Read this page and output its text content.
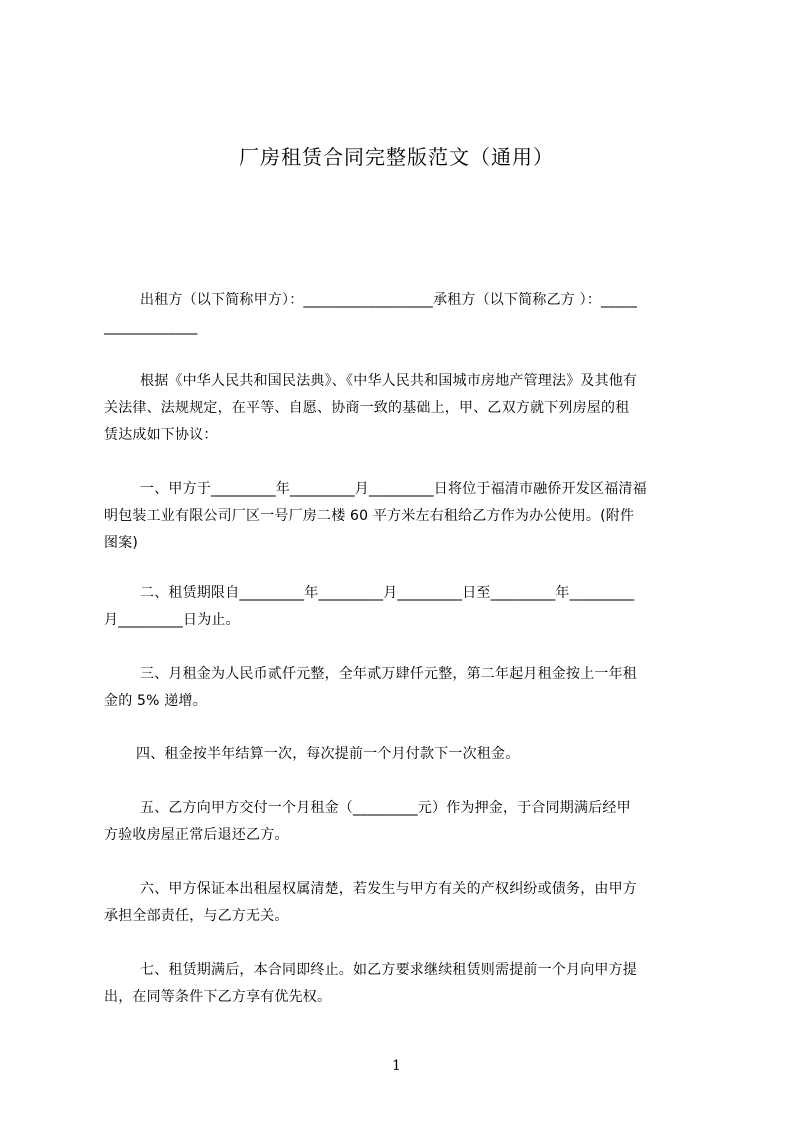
厂房租赁合同完整版范文（通用）
出租方（以下简称甲方）：__________________承租方（以下简称乙方 ）：_____
_____________
根据《中华人民共和国民法典》、《中华人民共和国城市房地产管理法》及其他有
关法律、法规规定，在平等、自愿、协商一致的基础上，甲、乙双方就下列房屋的租
赁达成如下协议：
一、甲方于_________年_________月_________日将位于福清市融侨开发区福清福
明包装工业有限公司厂区一号厂房二楼 60 平方米左右租给乙方作为办公使用。(附件
图案)
二、租赁期限自_________年_________月_________日至_________年_________
月_________日为止。
三、月租金为人民币贰仟元整，全年贰万肆仟元整，第二年起月租金按上一年租
金的 5% 递增。
四、租金按半年结算一次，每次提前一个月付款下一次租金。
五、乙方向甲方交付一个月租金（_________元）作为押金，于合同期满后经甲
方验收房屋正常后退还乙方。
六、甲方保证本出租屋权属清楚，若发生与甲方有关的产权纠纷或债务，由甲方
承担全部责任，与乙方无关。
七、租赁期满后，本合同即终止。如乙方要求继续租赁则需提前一个月向甲方提
出，在同等条件下乙方享有优先权。
1
